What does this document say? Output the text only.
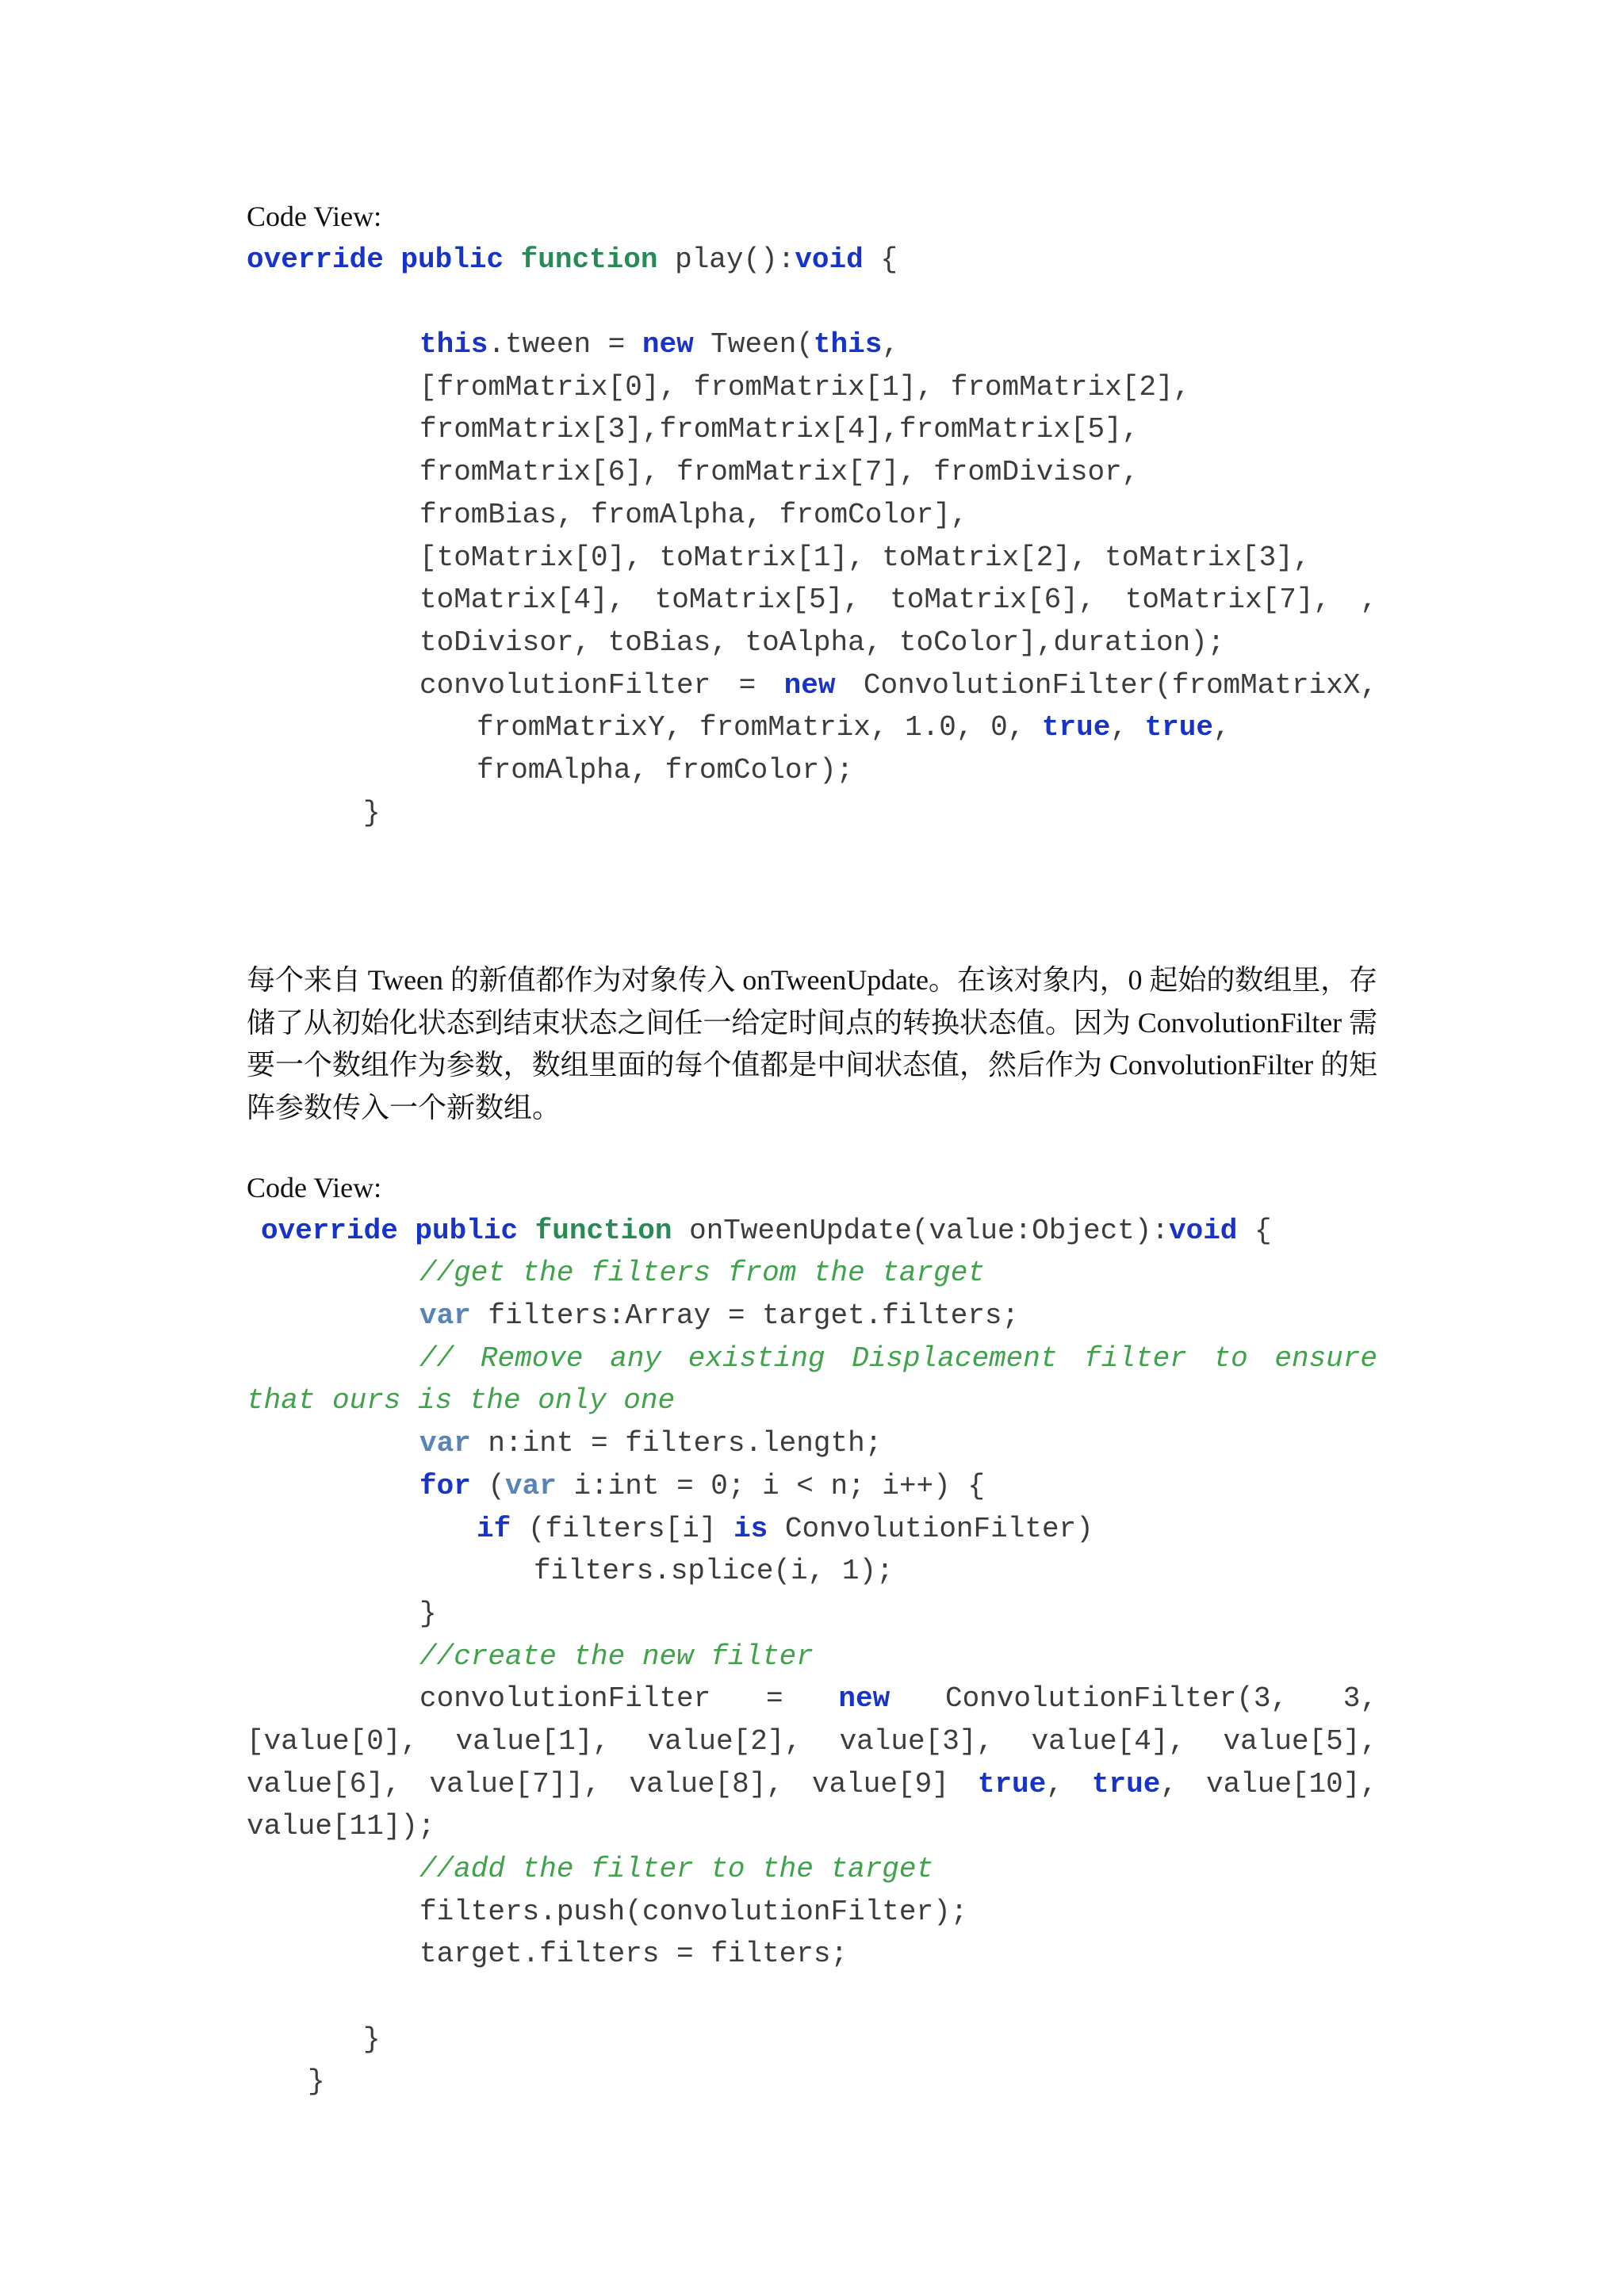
Code View:
override public function play():void {
this.tween = new Tween(this,
[fromMatrix[0], fromMatrix[1], fromMatrix[2],
fromMatrix[3],fromMatrix[4],fromMatrix[5],
fromMatrix[6], fromMatrix[7], fromDivisor,
fromBias, fromAlpha, fromColor],
[toMatrix[0], toMatrix[1], toMatrix[2], toMatrix[3],
toMatrix[4], toMatrix[5], toMatrix[6], toMatrix[7], ,
toDivisor, toBias, toAlpha, toColor],duration);
convolutionFilter = new ConvolutionFilter(fromMatrixX,
fromMatrixY, fromMatrix, 1.0, 0, true, true,
fromAlpha, fromColor);
}
每个来自 Tween 的新值都作为对象传入 onTweenUpdate。在该对象内，0 起始的数组里，存
储了从初始化状态到结束状态之间任一给定时间点的转换状态值。因为 ConvolutionFilter 需
要一个数组作为参数，数组里面的每个值都是中间状态值，然后作为 ConvolutionFilter 的矩
阵参数传入一个新数组。
Code View:
override public function onTweenUpdate(value:Object):void {
//get the filters from the target
var filters:Array = target.filters;
// Remove any existing Displacement filter to ensure
that ours is the only one
var n:int = filters.length;
for (var i:int = 0; i < n; i++) {
if (filters[i] is ConvolutionFilter)
filters.splice(i, 1);
}
//create the new filter
convolutionFilter = new ConvolutionFilter(3, 3,
[value[0], value[1], value[2], value[3], value[4], value[5],
value[6], value[7]], value[8], value[9] true, true, value[10],
value[11]);
//add the filter to the target
filters.push(convolutionFilter);
target.filters = filters;
}
}
